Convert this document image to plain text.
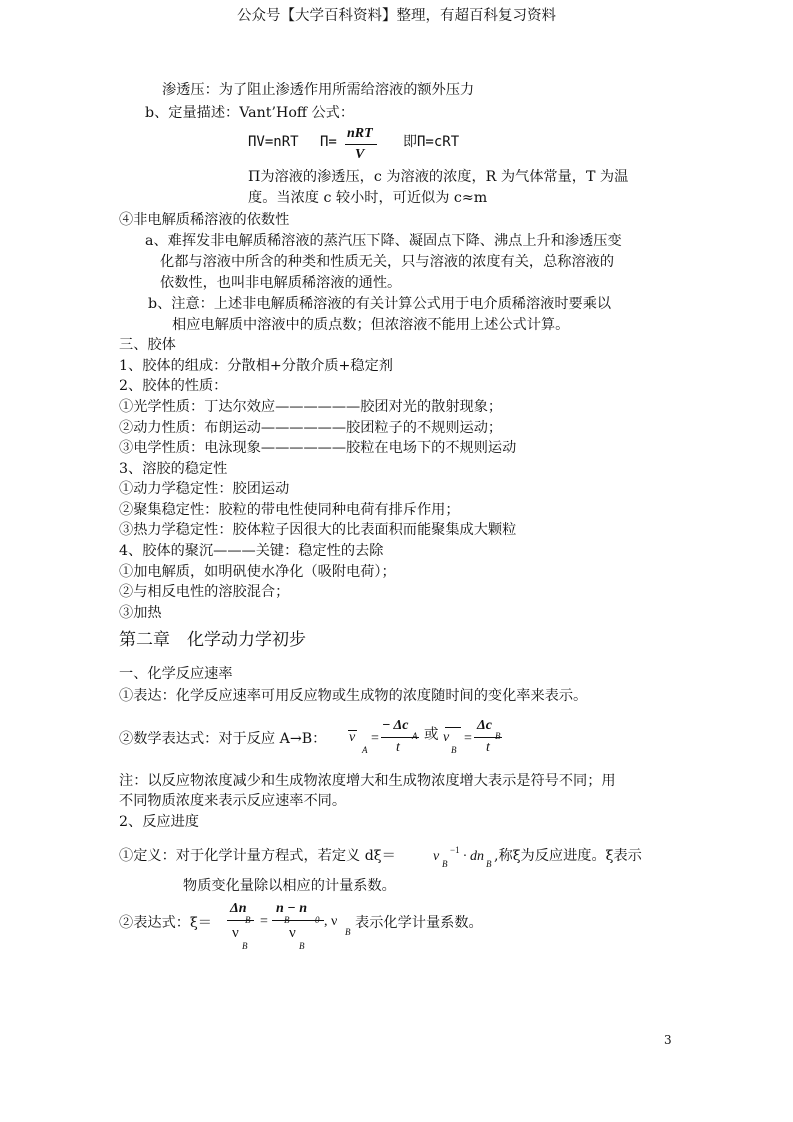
公众号【大学百科资料】整理，有超百科复习资料
渗透压：为了阻止渗透作用所需给溶液的额外压力
b、定量描述：Vant’Hoff 公式：
ΠV=nRT Π=
nRT
V
即Π=cRT
Π为溶液的渗透压，c 为溶液的浓度，R 为气体常量，T 为温
度。当浓度 c 较小时，可近似为 c≈m
④非电解质稀溶液的依数性
a、难挥发非电解质稀溶液的蒸汽压下降、凝固点下降、沸点上升和渗透压变
化都与溶液中所含的种类和性质无关，只与溶液的浓度有关，总称溶液的
依数性，也叫非电解质稀溶液的通性。
b、注意：上述非电解质稀溶液的有关计算公式用于电介质稀溶液时要乘以
相应电解质中溶液中的质点数；但浓溶液不能用上述公式计算。
三、胶体
1、胶体的组成：分散相+分散介质+稳定剂
2、胶体的性质：
①光学性质：丁达尔效应——————胶团对光的散射现象；
②动力性质：布朗运动——————胶团粒子的不规则运动；
③电学性质：电泳现象——————胶粒在电场下的不规则运动
3、溶胶的稳定性
①动力学稳定性：胶团运动
②聚集稳定性：胶粒的带电性使同种电荷有排斥作用；
③热力学稳定性：胶体粒子因很大的比表面积而能聚集成大颗粒
4、胶体的聚沉———关键：稳定性的去除
①加电解质，如明矾使水净化（吸附电荷）；
②与相反电性的溶胶混合；
③加热
第二章　化学动力学初步
一、化学反应速率
①表达：化学反应速率可用反应物或生成物的浓度随时间的变化率来表示。
②数学表达式：对于反应 A→B： v
A
=
− Δc
A
t
或 v
B
=
Δc
B
t
注：以反应物浓度减少和生成物浓度增大和生成物浓度增大表示是符号不同；用
不同物质浓度来表示反应速率不同。
2、反应进度
①定义：对于化学计量方程式，若定义 dξ＝	v B
−1 · dn B ,称ξ为反应进度。ξ表示
物质变化量除以相应的计量系数。
②表达式：ξ＝
Δn
B
ν
B
=
n − n
B	0
ν
B
, ν
B
表示化学计量系数。
3
